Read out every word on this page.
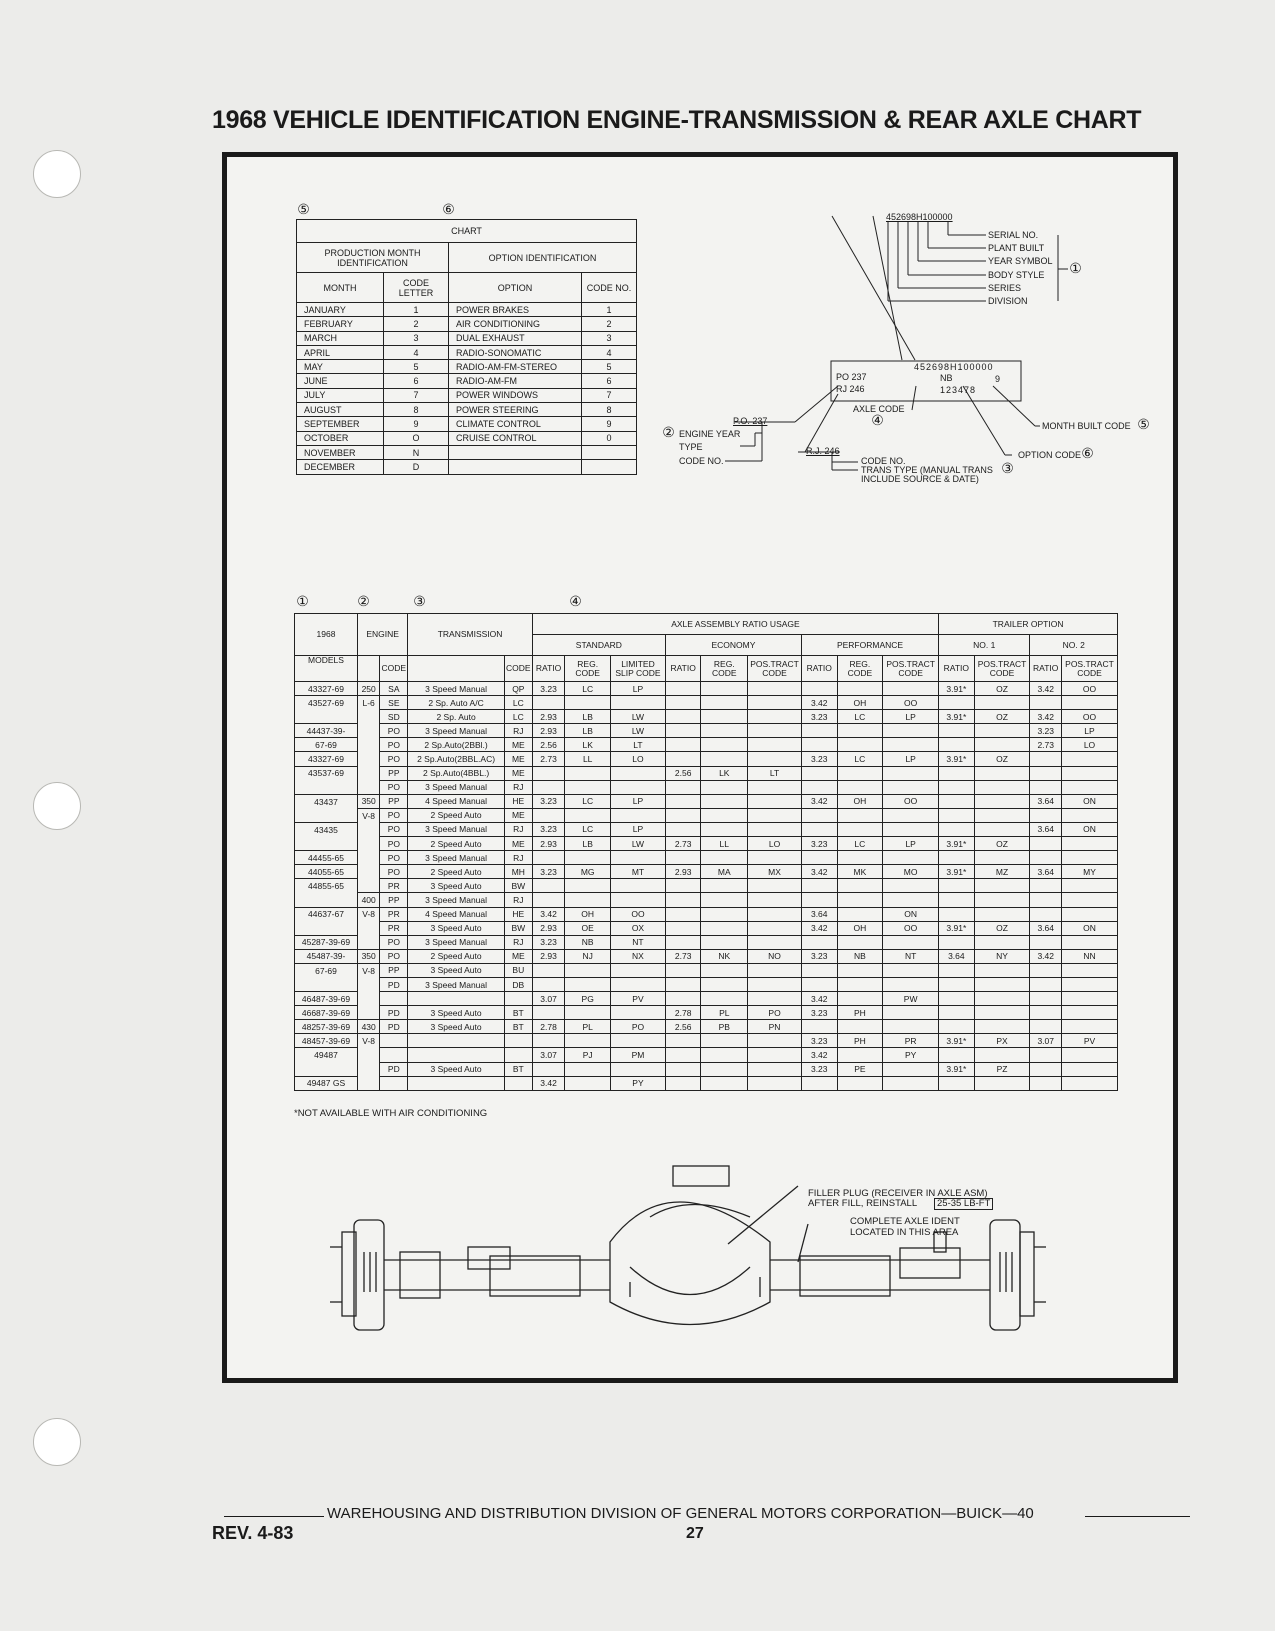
1968 VEHICLE IDENTIFICATION ENGINE-TRANSMISSION & REAR AXLE CHART
⑤	⑥
CHART			
PRODUCTION MONTH IDENTIFICATION		OPTION IDENTIFICATION	
MONTH	CODE LETTER	OPTION	CODE NO.
JANUARY	1	POWER BRAKES	1
FEBRUARY	2	AIR CONDITIONING	2
MARCH	3	DUAL EXHAUST	3
APRIL	4	RADIO-SONOMATIC	4
MAY	5	RADIO-AM-FM-STEREO	5
JUNE	6	RADIO-AM-FM	6
JULY	7	POWER WINDOWS	7
AUGUST	8	POWER STEERING	8
SEPTEMBER	9	CLIMATE CONTROL	9
OCTOBER	O	CRUISE CONTROL	0
NOVEMBER	N		
DECEMBER	D		
452698H100000
SERIAL NO.
PLANT BUILT
YEAR SYMBOL
BODY STYLE
SERIES
DIVISION
①
452698H100000
PO 237
RJ 246
NB	9
123478
AXLE CODE
④	MONTH BUILT CODE ⑤
OPTION CODE ⑥
② ENGINE YEAR
TYPE
CODE NO.
P.O. 237
R.J. 246
CODE NO.
TRANS TYPE (MANUAL TRANS ③
INCLUDE SOURCE & DATE)
①	②	③	④
1968	ENGINE		TRANSMISSION		AXLE ASSEMBLY RATIO USAGE									TRAILER OPTION			
					STANDARD			ECONOMY			PERFORMANCE			NO. 1		NO. 2	
MODELS		CODE		CODE	RATIO	REG. CODE	LIMITED SLIP CODE	RATIO	REG. CODE	POS.TRACT CODE	RATIO	REG. CODE	POS.TRACT CODE	RATIO	POS.TRACT CODE	RATIO	POS.TRACT CODE
43327-69	250	SA	3 Speed Manual	QP	3.23	LC	LP							3.91*	OZ	3.42	OO
43527-69	L-6	SE	2 Sp. Auto A/C	LC							3.42	OH	OO				
		SD	2 Sp. Auto	LC	2.93	LB	LW				3.23	LC	LP	3.91*	OZ	3.42	OO
44437-39-		PO	3 Speed Manual	RJ	2.93	LB	LW									3.23	LP
67-69		PO	2 Sp.Auto(2BBl.)	ME	2.56	LK	LT									2.73	LO
43327-69		PO	2 Sp.Auto(2BBL.AC)	ME	2.73	LL	LO				3.23	LC	LP	3.91*	OZ		
43537-69		PP	2 Sp.Auto(4BBL.)	ME				2.56	LK	LT							
		PO	3 Speed Manual	RJ													
43437	350	PP	4 Speed Manual	HE	3.23	LC	LP				3.42	OH	OO			3.64	ON
	V-8	PO	2 Speed Auto	ME													
43435		PO	3 Speed Manual	RJ	3.23	LC	LP									3.64	ON
		PO	2 Speed Auto	ME	2.93	LB	LW	2.73	LL	LO	3.23	LC	LP	3.91*	OZ		
44455-65		PO	3 Speed Manual	RJ													
44055-65		PO	2 Speed Auto	MH	3.23	MG	MT	2.93	MA	MX	3.42	MK	MO	3.91*	MZ	3.64	MY
44855-65		PR	3 Speed Auto	BW													
	400	PP	3 Speed Manual	RJ													
44637-67	V-8	PR	4 Speed Manual	HE	3.42	OH	OO				3.64		ON				
		PR	3 Speed Auto	BW	2.93	OE	OX				3.42	OH	OO	3.91*	OZ	3.64	ON
45287-39-69		PO	3 Speed Manual	RJ	3.23	NB	NT										
45487-39-	350	PO	2 Speed Auto	ME	2.93	NJ	NX	2.73	NK	NO	3.23	NB	NT	3.64	NY	3.42	NN
67-69	V-8	PP	3 Speed Auto	BU													
		PD	3 Speed Manual	DB													
46487-39-69					3.07	PG	PV				3.42		PW				
46687-39-69		PD	3 Speed Auto	BT				2.78	PL	PO	3.23	PH					
48257-39-69	430	PD	3 Speed Auto	BT	2.78	PL	PO	2.56	PB	PN							
48457-39-69	V-8										3.23	PH	PR	3.91*	PX	3.07	PV
49487					3.07	PJ	PM				3.42		PY				
		PD	3 Speed Auto	BT							3.23	PE		3.91*	PZ		
49487 GS					3.42		PY										
*NOT AVAILABLE WITH AIR CONDITIONING
FILLER PLUG (RECEIVER IN AXLE ASM)
AFTER FILL, REINSTALL	25-35 LB-FT
COMPLETE AXLE IDENT
LOCATED IN THIS AREA
WAREHOUSING AND DISTRIBUTION DIVISION OF GENERAL MOTORS CORPORATION—BUICK—40
REV. 4-83	27
